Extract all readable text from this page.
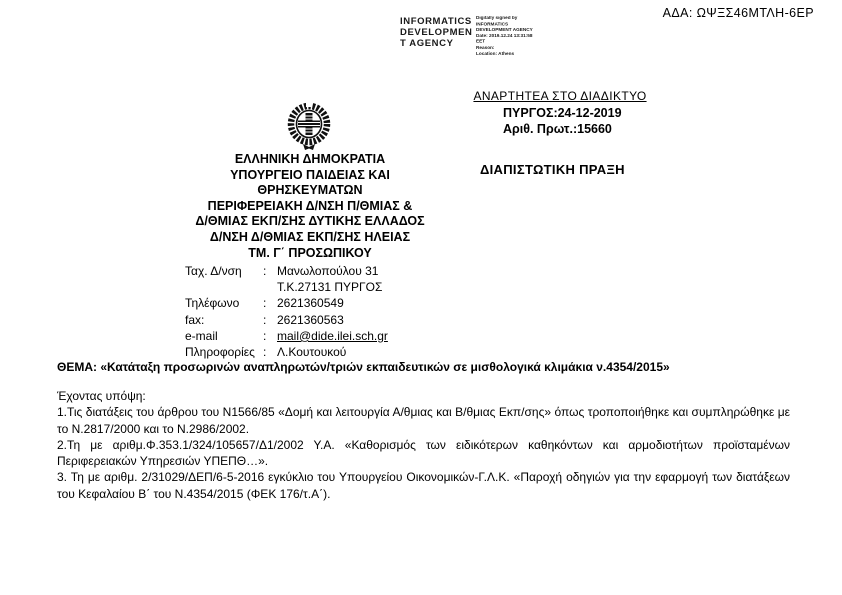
ΑΔΑ: ΩΨΞΣ46ΜΤΛΗ-6ΕΡ
INFORMATICS
DEVELOPMEN
T AGENCY
Digitally signed by
INFORMATICS
DEVELOPMENT AGENCY
Date: 2019.12.24 13:31:58
EET
Reason:
Location: Athens
ΑΝΑΡΤΗΤΕΑ ΣΤΟ ΔΙΑΔΙΚΤΥΟ
ΠΥΡΓΟΣ:24-12-2019
Αριθ. Πρωτ.:15660
ΕΛΛΗΝΙΚΗ ΔΗΜΟΚΡΑΤΙΑ
ΥΠΟΥΡΓΕΙΟ ΠΑΙΔΕΙΑΣ ΚΑΙ
ΘΡΗΣΚΕΥΜΑΤΩΝ
ΠΕΡΙΦΕΡΕΙΑΚΗ Δ/ΝΣΗ Π/ΘΜΙΑΣ &
Δ/ΘΜΙΑΣ ΕΚΠ/ΣΗΣ ΔΥΤΙΚΗΣ ΕΛΛΑΔΟΣ
Δ/ΝΣΗ Δ/ΘΜΙΑΣ ΕΚΠ/ΣΗΣ ΗΛΕΙΑΣ
ΤΜ. Γ΄ ΠΡΟΣΩΠΙΚΟΥ
ΔΙΑΠΙΣΤΩΤΙΚΗ ΠΡΑΞΗ
Ταχ. Δ/νση	:	Μανωλοπούλου 31
		Τ.Κ.27131 ΠΥΡΓΟΣ
Τηλέφωνο	:	2621360549
fax:	:	2621360563
e-mail	:	mail@dide.ilei.sch.gr
Πληροφορίες	:	Λ.Κουτουκού
ΘΕΜΑ: «Κατάταξη προσωρινών αναπληρωτών/τριών εκπαιδευτικών σε μισθολογικά κλιμάκια ν.4354/2015»

Έχοντας υπόψη:

1.Τις διατάξεις του άρθρου του Ν1566/85 «Δομή και λειτουργία Α/θμιας και Β/θμιας Εκπ/σης» όπως τροποποιήθηκε και συμπληρώθηκε με το Ν.2817/2000 και το Ν.2986/2002.

2.Τη με αριθμ.Φ.353.1/324/105657/Δ1/2002 Υ.Α. «Καθορισμός των ειδικότερων καθηκόντων και αρμοδιοτήτων προϊσταμένων Περιφερειακών Υπηρεσιών ΥΠΕΠΘ…».

3. Τη με αριθμ. 2/31029/ΔΕΠ/6-5-2016 εγκύκλιο του Υπουργείου Οικονομικών-Γ.Λ.Κ. «Παροχή οδηγιών για την εφαρμογή των διατάξεων του Κεφαλαίου Β΄ του Ν.4354/2015 (ΦΕΚ 176/τ.Α΄).
